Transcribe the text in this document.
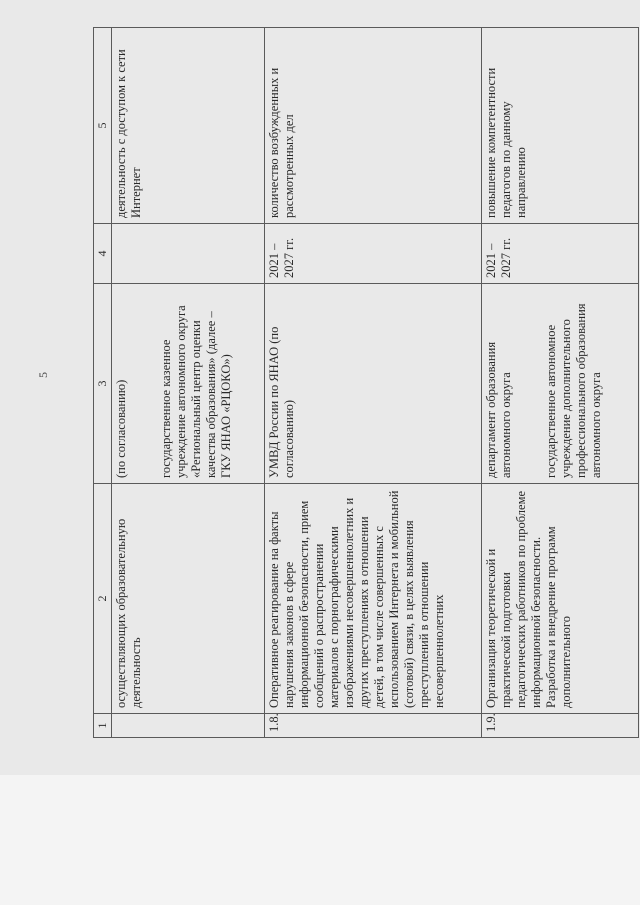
5
1	2	3	4	5
	осуществляющих образовательную деятельность	(по согласованию) государственное казенное учреждение автономного округа «Региональный центр оценки качества образования» (далее – ГКУ ЯНАО «РЦОКО»)		деятельность с доступом к сети Интернет
1.8.	Оперативное реагирование на факты нарушения законов в сфере информационной безопасности, прием сообщений о распространении материалов с порнографическими изображениями несовершеннолетних и других преступлениях в отношении детей, в том числе совершенных с использованием Интернета и мобильной (сотовой) связи, в целях выявления преступлений в отношении несовершеннолетних	УМВД России по ЯНАО (по согласованию)	2021 – 2027 гг.	количество возбужденных и рассмотренных дел
1.9.	Организация теоретической и практической подготовки педагогических работников по проблеме информационной безопасности. Разработка и внедрение программ дополнительного	департамент образования автономного округа государственное автономное учреждение дополнительного профессионального образования автономного округа	2021 – 2027 гг.	повышение компетентности педагогов по данному направлению
